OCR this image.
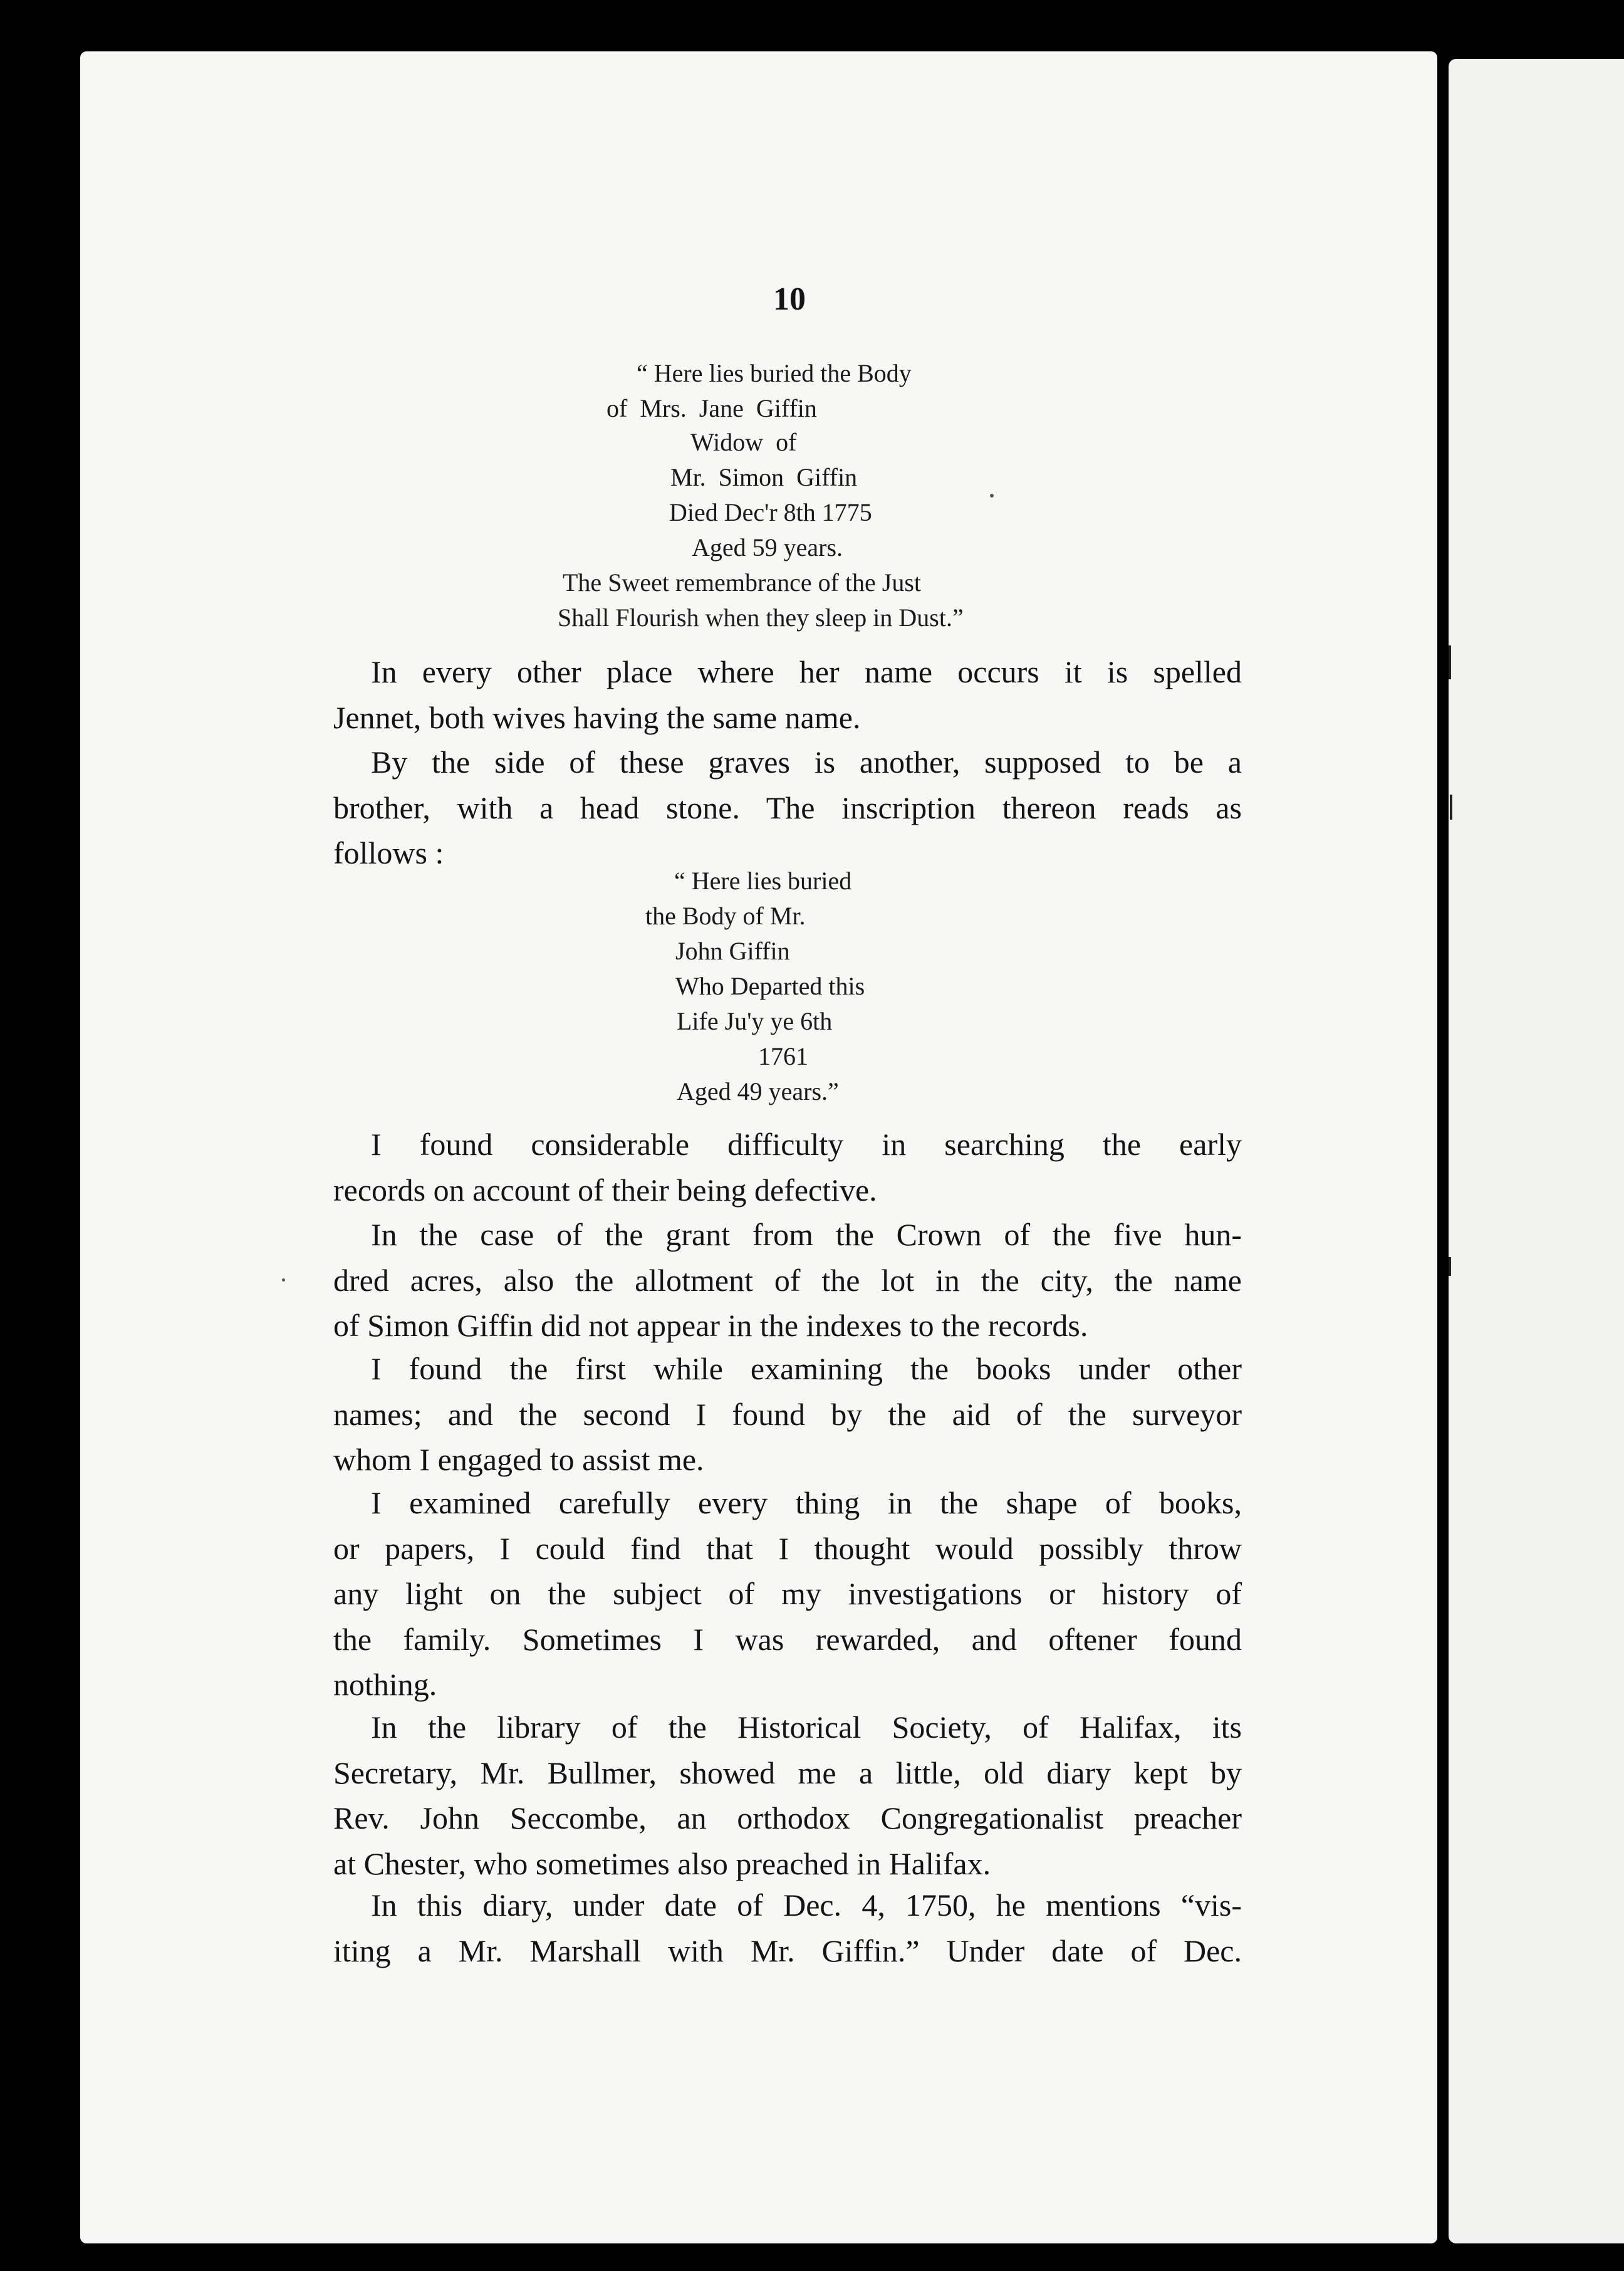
10
“ Here lies buried the Body
of  Mrs.  Jane  Giffin
Widow  of
Mr.  Simon  Giffin
Died Dec'r 8th 1775
Aged 59 years.
The Sweet remembrance of the Just
Shall Flourish when they sleep in Dust.”
In every other place where her name occurs it is spelled
Jennet, both wives having the same name.
By the side of these graves is another, supposed to be a
brother, with a head stone. The inscription thereon reads as
follows :
“ Here lies buried
the Body of Mr.
John Giffin
Who Departed this
Life Ju'y ye 6th
1761
Aged 49 years.”
I found considerable difficulty in searching the early
records on account of their being defective.
In the case of the grant from the Crown of the five hun-
dred acres, also the allotment of the lot in the city, the name
of Simon Giffin did not appear in the indexes to the records.
I found the first while examining the books under other
names; and the second I found by the aid of the surveyor
whom I engaged to assist me.
I examined carefully every thing in the shape of books,
or papers, I could find that I thought would possibly throw
any light on the subject of my investigations or history of
the family. Sometimes I was rewarded, and oftener found
nothing.
In the library of the Historical Society, of Halifax, its
Secretary, Mr. Bullmer, showed me a little, old diary kept by
Rev. John Seccombe, an orthodox Congregationalist preacher
at Chester, who sometimes also preached in Halifax.
In this diary, under date of Dec. 4, 1750, he mentions “vis-
iting a Mr. Marshall with Mr. Giffin.” Under date of Dec.
